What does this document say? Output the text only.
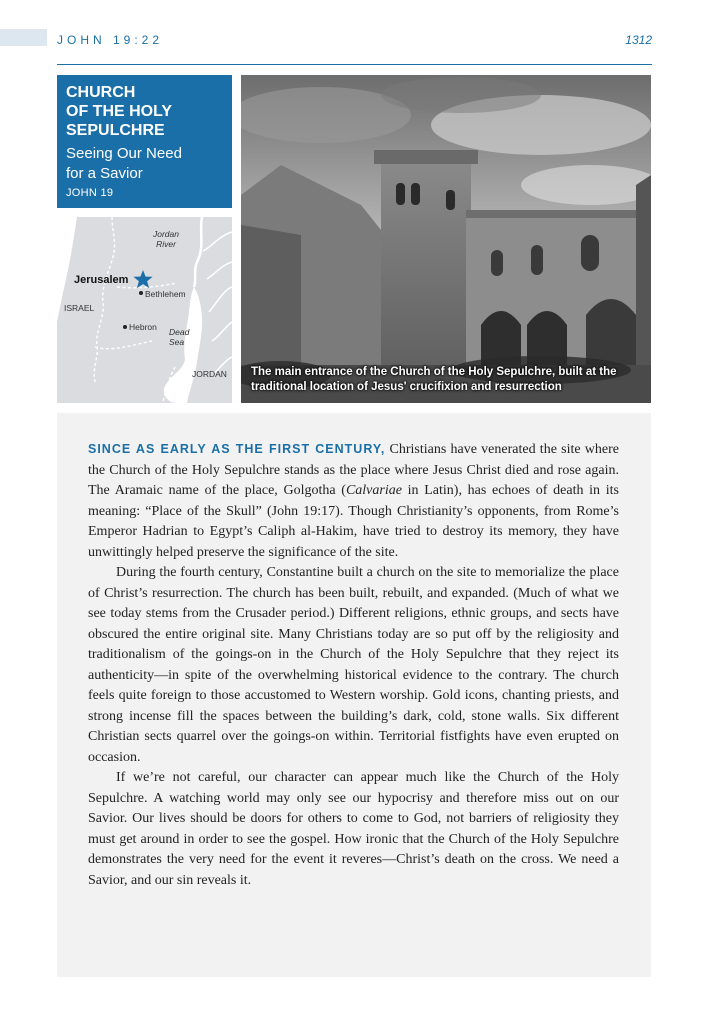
JOHN 19:22	1312

CHURCH
OF THE HOLY
SEPULCHRE

Seeing Our Need
for a Savior

JOHN 19
Jordan
River
Jerusalem
Bethlehem
ISRAEL
Hebron Dead
Sea
JORDAN The main entrance of the Church of the Holy Sepulchre, built at the traditional location of Jesus' crucifixion and resurrection

SINCE AS EARLY AS THE FIRST CENTURY, Christians have venerated the site where the Church of the Holy Sepulchre stands as the place where Jesus Christ died and rose again. The Aramaic name of the place, Golgotha (Calvariae in Latin), has echoes of death in its meaning: “Place of the Skull” (John 19:17). Though Christianity’s opponents, from Rome’s Emperor Hadrian to Egypt’s Caliph al-Hakim, have tried to destroy its memory, they have unwittingly helped preserve the significance of the site.

During the fourth century, Constantine built a church on the site to memorialize the place of Christ’s resurrection. The church has been built, rebuilt, and expanded. (Much of what we see today stems from the Crusader period.) Different religions, ethnic groups, and sects have obscured the entire original site. Many Christians today are so put off by the religiosity and traditionalism of the goings-on in the Church of the Holy Sepulchre that they reject its authenticity—in spite of the overwhelming historical evidence to the contrary. The church feels quite foreign to those accustomed to Western worship. Gold icons, chanting priests, and strong incense fill the spaces between the building’s dark, cold, stone walls. Six different Christian sects quarrel over the goings-on within. Territorial fistfights have even erupted on occasion.

If we’re not careful, our character can appear much like the Church of the Holy Sepulchre. A watching world may only see our hypocrisy and therefore miss out on our Savior. Our lives should be doors for others to come to God, not barriers of religiosity they must get around in order to see the gospel. How ironic that the Church of the Holy Sepulchre demonstrates the very need for the event it reveres—Christ’s death on the cross. We need a Savior, and our sin reveals it.
